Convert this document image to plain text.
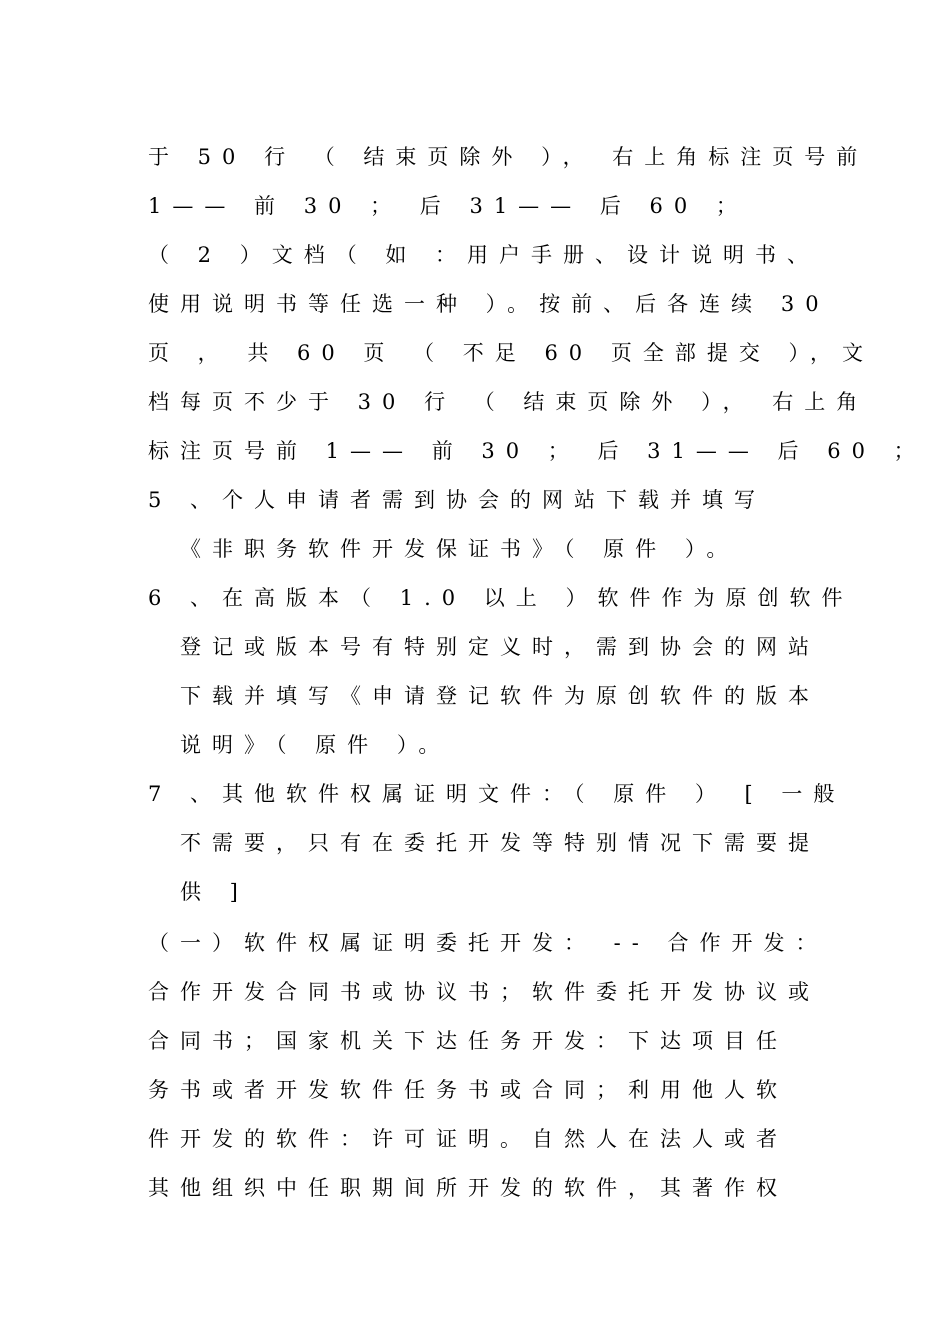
于 50 行 （ 结束页除外 ）， 右上角标注页号前
1—— 前 30 ； 后 31—— 后 60 ；
（ 2 ）文档（ 如 ：用户手册、设计说明书、
使用说明书等任选一种 ）。按前、后各连续 30
页 ， 共 60 页 （ 不足 60 页全部提交 ），文
档每页不少于 30 行 （ 结束页除外 ）， 右上角
标注页号前 1—— 前 30 ； 后 31—— 后 60 ；
5 、个人申请者需到协会的网站下载并填写
《非职务软件开发保证书》（ 原件 ）。
6 、在高版本（ 1.0 以上 ）软件作为原创软件
登记或版本号有特别定义时，需到协会的网站
下载并填写《申请登记软件为原创软件的版本
说明》（ 原件 ）。
7 、其他软件权属证明文件：（ 原件 ） [ 一般
不需要，只有在委托开发等特别情况下需要提
供 ]
（一）软件权属证明委托开发： -- 合作开发：
合作开发合同书或协议书；软件委托开发协议或
合同书；国家机关下达任务开发：下达项目任
务书或者开发软件任务书或合同；利用他人软
件开发的软件：许可证明。自然人在法人或者
其他组织中任职期间所开发的软件，其著作权
